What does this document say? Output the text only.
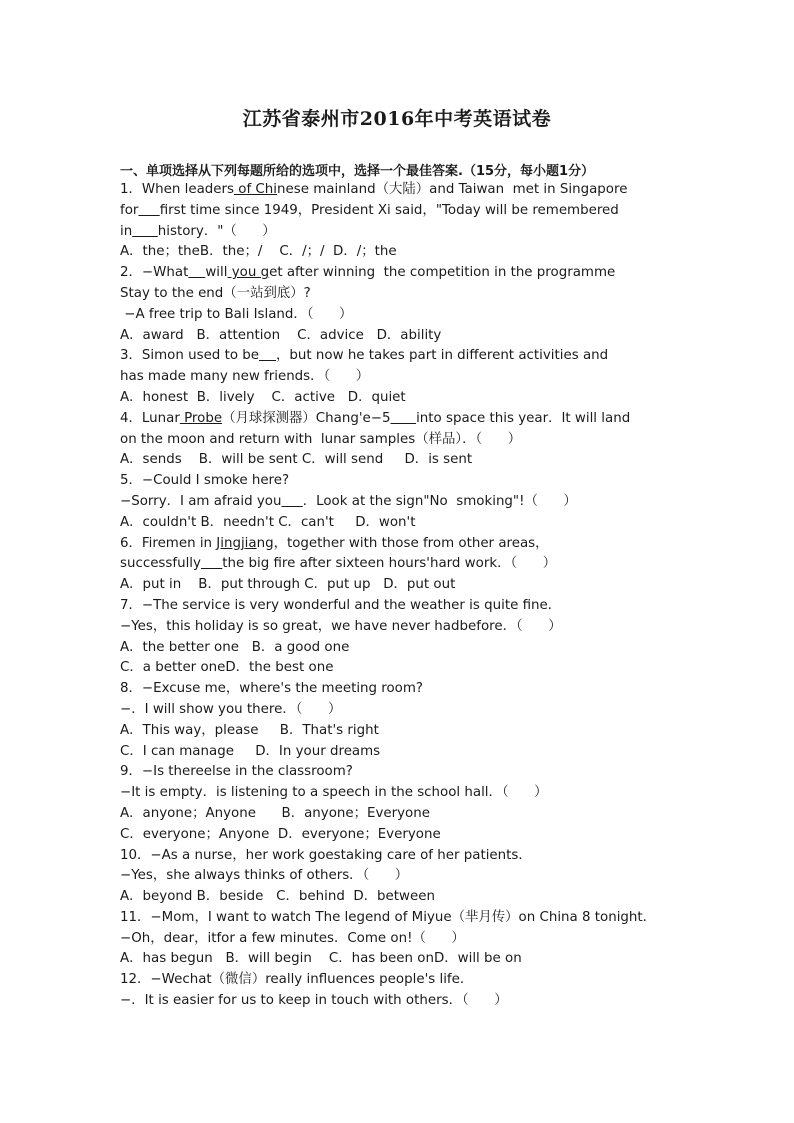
江苏省泰州市2016年中考英语试卷
一、单项选择从下列每题所给的选项中，选择一个最佳答案.（15分，每小题1分）
1．When leaders of Chinese mainland（大陆）and Taiwan  met in Singapore
for first time since 1949，President Xi said，"Today will be remembered
in history．"（      ）
A．the；theB．the；/    C．/；/  D．/；the
2．−What will you get after winning  the competition in the programme
Stay to the end（一站到底）?
−A free trip to Bali Island．（      ）
A．award   B．attention    C．advice   D．ability
3．Simon used to be ，but now he takes part in different activities and
has made many new friends．（      ）
A．honest  B．lively    C．active   D．quiet
4．Lunar Probe（月球探测器）Chang'e−5 into space this year．It will land
on the moon and return with  lunar samples（样品）．（      ）
A．sends    B．will be sent C．will send     D．is sent
5．−Could I smoke here?
−Sorry．I am afraid you ．Look at the sign"No  smoking"!（      ）
A．couldn't B．needn't C．can't     D．won't
6．Firemen in Jingjiang，together with those from other areas，
successfully the big fire after sixteen hours'hard work．（      ）
A．put in    B．put through C．put up   D．put out
7．−The service is very wonderful and the weather is quite fine．
−Yes，this holiday is so great，we have never hadbefore．（      ）
A．the better one   B．a good one
C．a better oneD．the best one
8．−Excuse me，where's the meeting room?
−．I will show you there．（      ）
A．This way，please     B．That's right
C．I can manage     D．In your dreams
9．−Is thereelse in the classroom?
−It is empty．is listening to a speech in the school hall．（      ）
A．anyone；Anyone      B．anyone；Everyone
C．everyone；Anyone  D．everyone；Everyone
10．−As a nurse，her work goestaking care of her patients．
−Yes，she always thinks of others．（      ）
A．beyond B．beside   C．behind  D．between
11．−Mom，I want to watch The legend of Miyue（芈月传）on China 8 tonight．
−Oh，dear，itfor a few minutes．Come on!（      ）
A．has begun   B．will begin    C．has been onD．will be on
12．−Wechat（微信）really influences people's life．
−．It is easier for us to keep in touch with others．（      ）
